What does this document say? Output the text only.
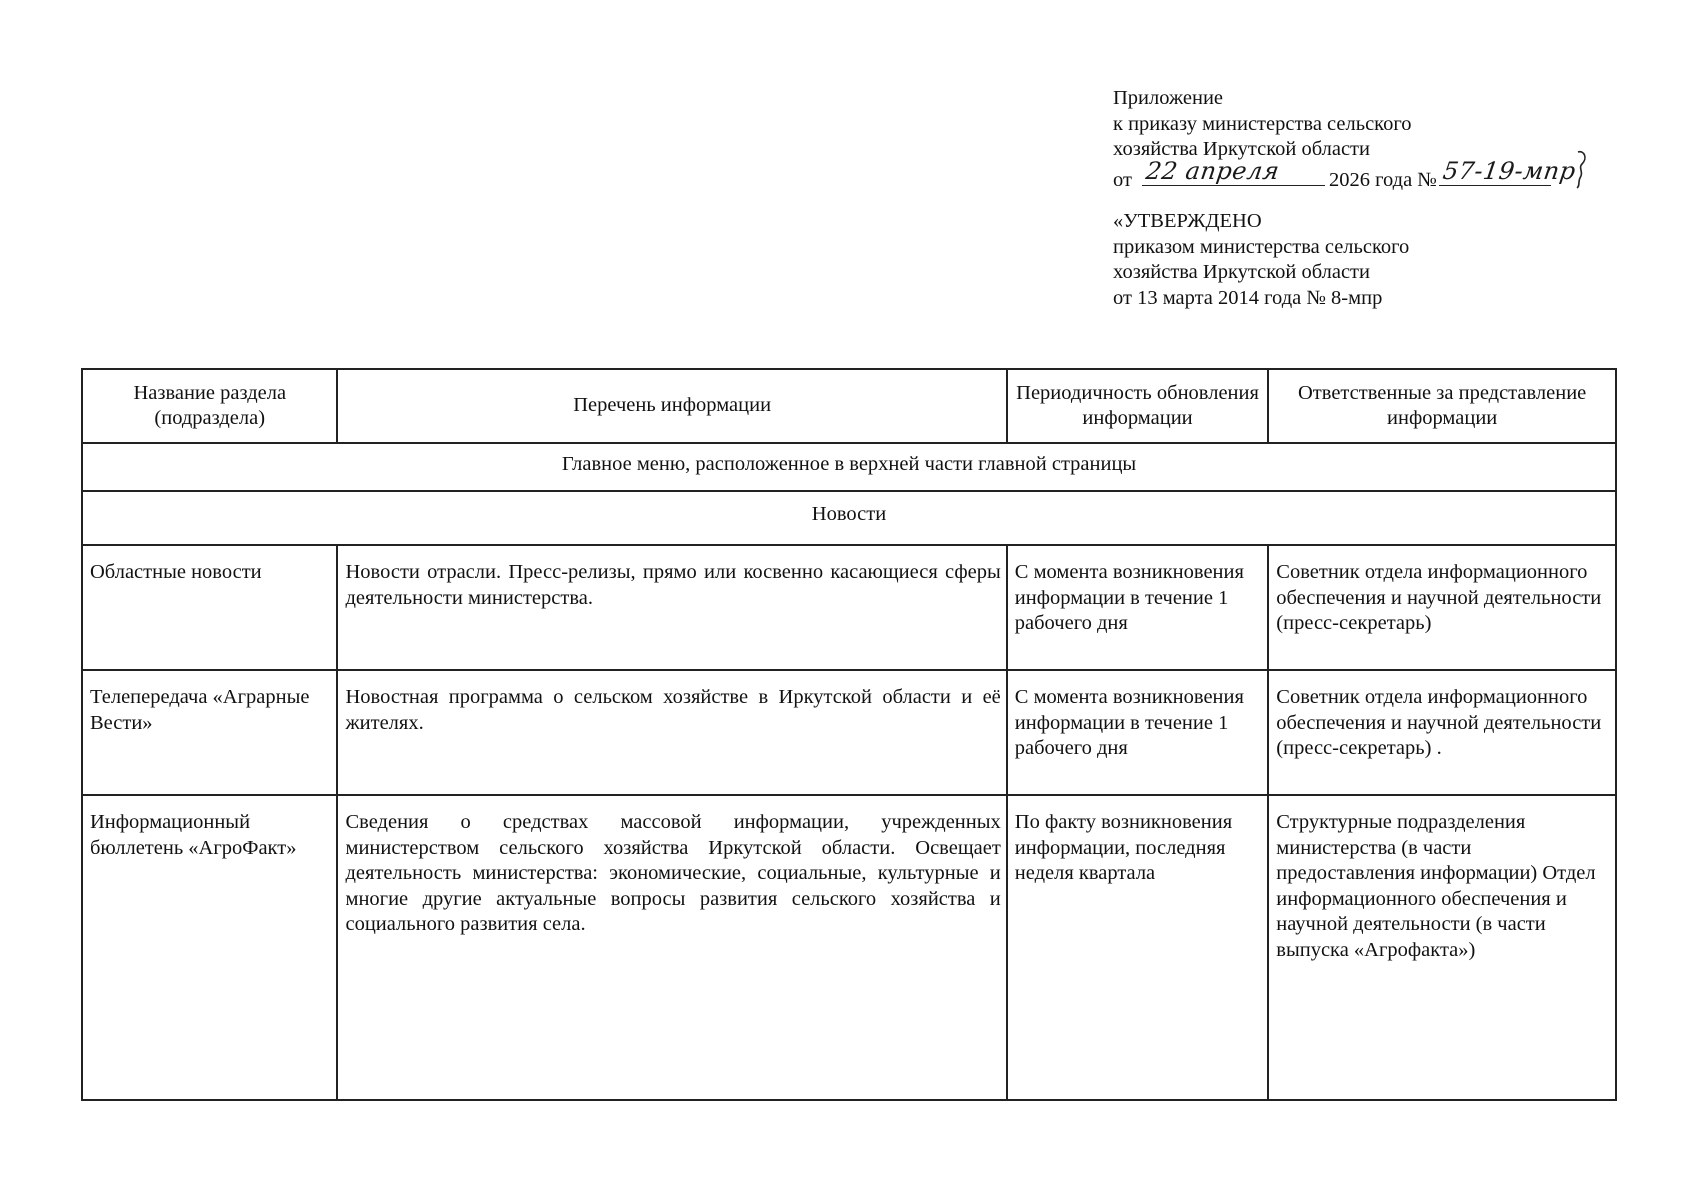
Приложение
к приказу министерства сельского
хозяйства Иркутской области
от 22 апреля 2026 года № 57-19-мпр
«УТВЕРЖДЕНО
приказом министерства сельского
хозяйства Иркутской области
от 13 марта 2014 года № 8-мпр
Название раздела (подраздела)	Перечень информации	Периодичность обновления информации	Ответственные за представление информации
Главное меню, расположенное в верхней части главной страницы			
Новости			
Областные новости	Новости отрасли. Пресс-релизы, прямо или косвенно касающиеся сферы деятельности министерства.	С момента возникновения информации в течение 1 рабочего дня	Советник отдела информационного обеспечения и научной деятельности (пресс-секретарь)
Телепередача «Аграрные Вести»	Новостная программа о сельском хозяйстве в Иркутской области и её жителях.	С момента возникновения информации в течение 1 рабочего дня	Советник отдела информационного обеспечения и научной деятельности (пресс-секретарь) .
Информационный бюллетень «АгроФакт»	Сведения о средствах массовой информации, учрежденных министерством сельского хозяйства Иркутской области. Освещает деятельность министерства: экономические, социальные, культурные и многие другие актуальные вопросы развития сельского хозяйства и социального развития села.	По факту возникновения информации, последняя неделя квартала	Структурные подразделения министерства (в части предоставления информации) Отдел информационного обеспечения и научной деятельности (в части выпуска «Агрофакта»)
